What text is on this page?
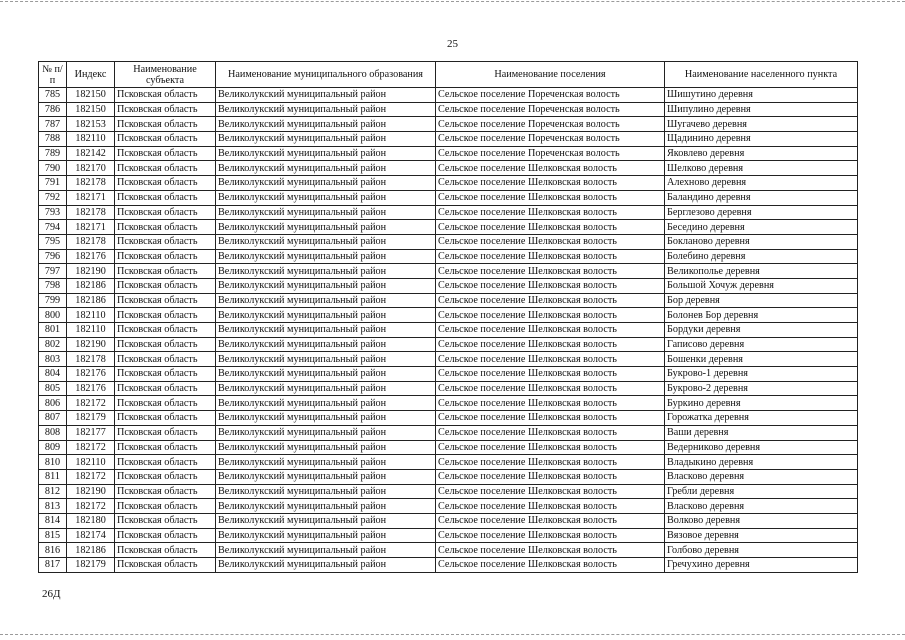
25
№ п/п	Индекс	Наименование субъекта	Наименование муниципального образования	Наименование поселения	Наименование населенного пункта
785	182150	Псковская область	Великолукский муниципальный район	Сельское поселение Пореченская волость	Шишутино деревня
786	182150	Псковская область	Великолукский муниципальный район	Сельское поселение Пореченская волость	Шипулино деревня
787	182153	Псковская область	Великолукский муниципальный район	Сельское поселение Пореченская волость	Шугачево деревня
788	182110	Псковская область	Великолукский муниципальный район	Сельское поселение Пореченская волость	Щадинино деревня
789	182142	Псковская область	Великолукский муниципальный район	Сельское поселение Пореченская волость	Яковлево деревня
790	182170	Псковская область	Великолукский муниципальный район	Сельское поселение Шелковская волость	Шелково деревня
791	182178	Псковская область	Великолукский муниципальный район	Сельское поселение Шелковская волость	Алехново деревня
792	182171	Псковская область	Великолукский муниципальный район	Сельское поселение Шелковская волость	Баландино деревня
793	182178	Псковская область	Великолукский муниципальный район	Сельское поселение Шелковская волость	Берглезово деревня
794	182171	Псковская область	Великолукский муниципальный район	Сельское поселение Шелковская волость	Беседино деревня
795	182178	Псковская область	Великолукский муниципальный район	Сельское поселение Шелковская волость	Бокланово деревня
796	182176	Псковская область	Великолукский муниципальный район	Сельское поселение Шелковская волость	Болебино деревня
797	182190	Псковская область	Великолукский муниципальный район	Сельское поселение Шелковская волость	Великополье деревня
798	182186	Псковская область	Великолукский муниципальный район	Сельское поселение Шелковская волость	Большой Хочуж деревня
799	182186	Псковская область	Великолукский муниципальный район	Сельское поселение Шелковская волость	Бор деревня
800	182110	Псковская область	Великолукский муниципальный район	Сельское поселение Шелковская волость	Болонев Бор деревня
801	182110	Псковская область	Великолукский муниципальный район	Сельское поселение Шелковская волость	Бордуки деревня
802	182190	Псковская область	Великолукский муниципальный район	Сельское поселение Шелковская волость	Гаписово деревня
803	182178	Псковская область	Великолукский муниципальный район	Сельское поселение Шелковская волость	Бошенки деревня
804	182176	Псковская область	Великолукский муниципальный район	Сельское поселение Шелковская волость	Букрово-1 деревня
805	182176	Псковская область	Великолукский муниципальный район	Сельское поселение Шелковская волость	Букрово-2 деревня
806	182172	Псковская область	Великолукский муниципальный район	Сельское поселение Шелковская волость	Буркино деревня
807	182179	Псковская область	Великолукский муниципальный район	Сельское поселение Шелковская волость	Горожатка деревня
808	182177	Псковская область	Великолукский муниципальный район	Сельское поселение Шелковская волость	Ваши деревня
809	182172	Псковская область	Великолукский муниципальный район	Сельское поселение Шелковская волость	Ведерниково деревня
810	182110	Псковская область	Великолукский муниципальный район	Сельское поселение Шелковская волость	Владыкино деревня
811	182172	Псковская область	Великолукский муниципальный район	Сельское поселение Шелковская волость	Власково деревня
812	182190	Псковская область	Великолукский муниципальный район	Сельское поселение Шелковская волость	Гребли деревня
813	182172	Псковская область	Великолукский муниципальный район	Сельское поселение Шелковская волость	Власково деревня
814	182180	Псковская область	Великолукский муниципальный район	Сельское поселение Шелковская волость	Волково деревня
815	182174	Псковская область	Великолукский муниципальный район	Сельское поселение Шелковская волость	Вязовое деревня
816	182186	Псковская область	Великолукский муниципальный район	Сельское поселение Шелковская волость	Голбово деревня
817	182179	Псковская область	Великолукский муниципальный район	Сельское поселение Шелковская волость	Гречухино деревня
26Д
